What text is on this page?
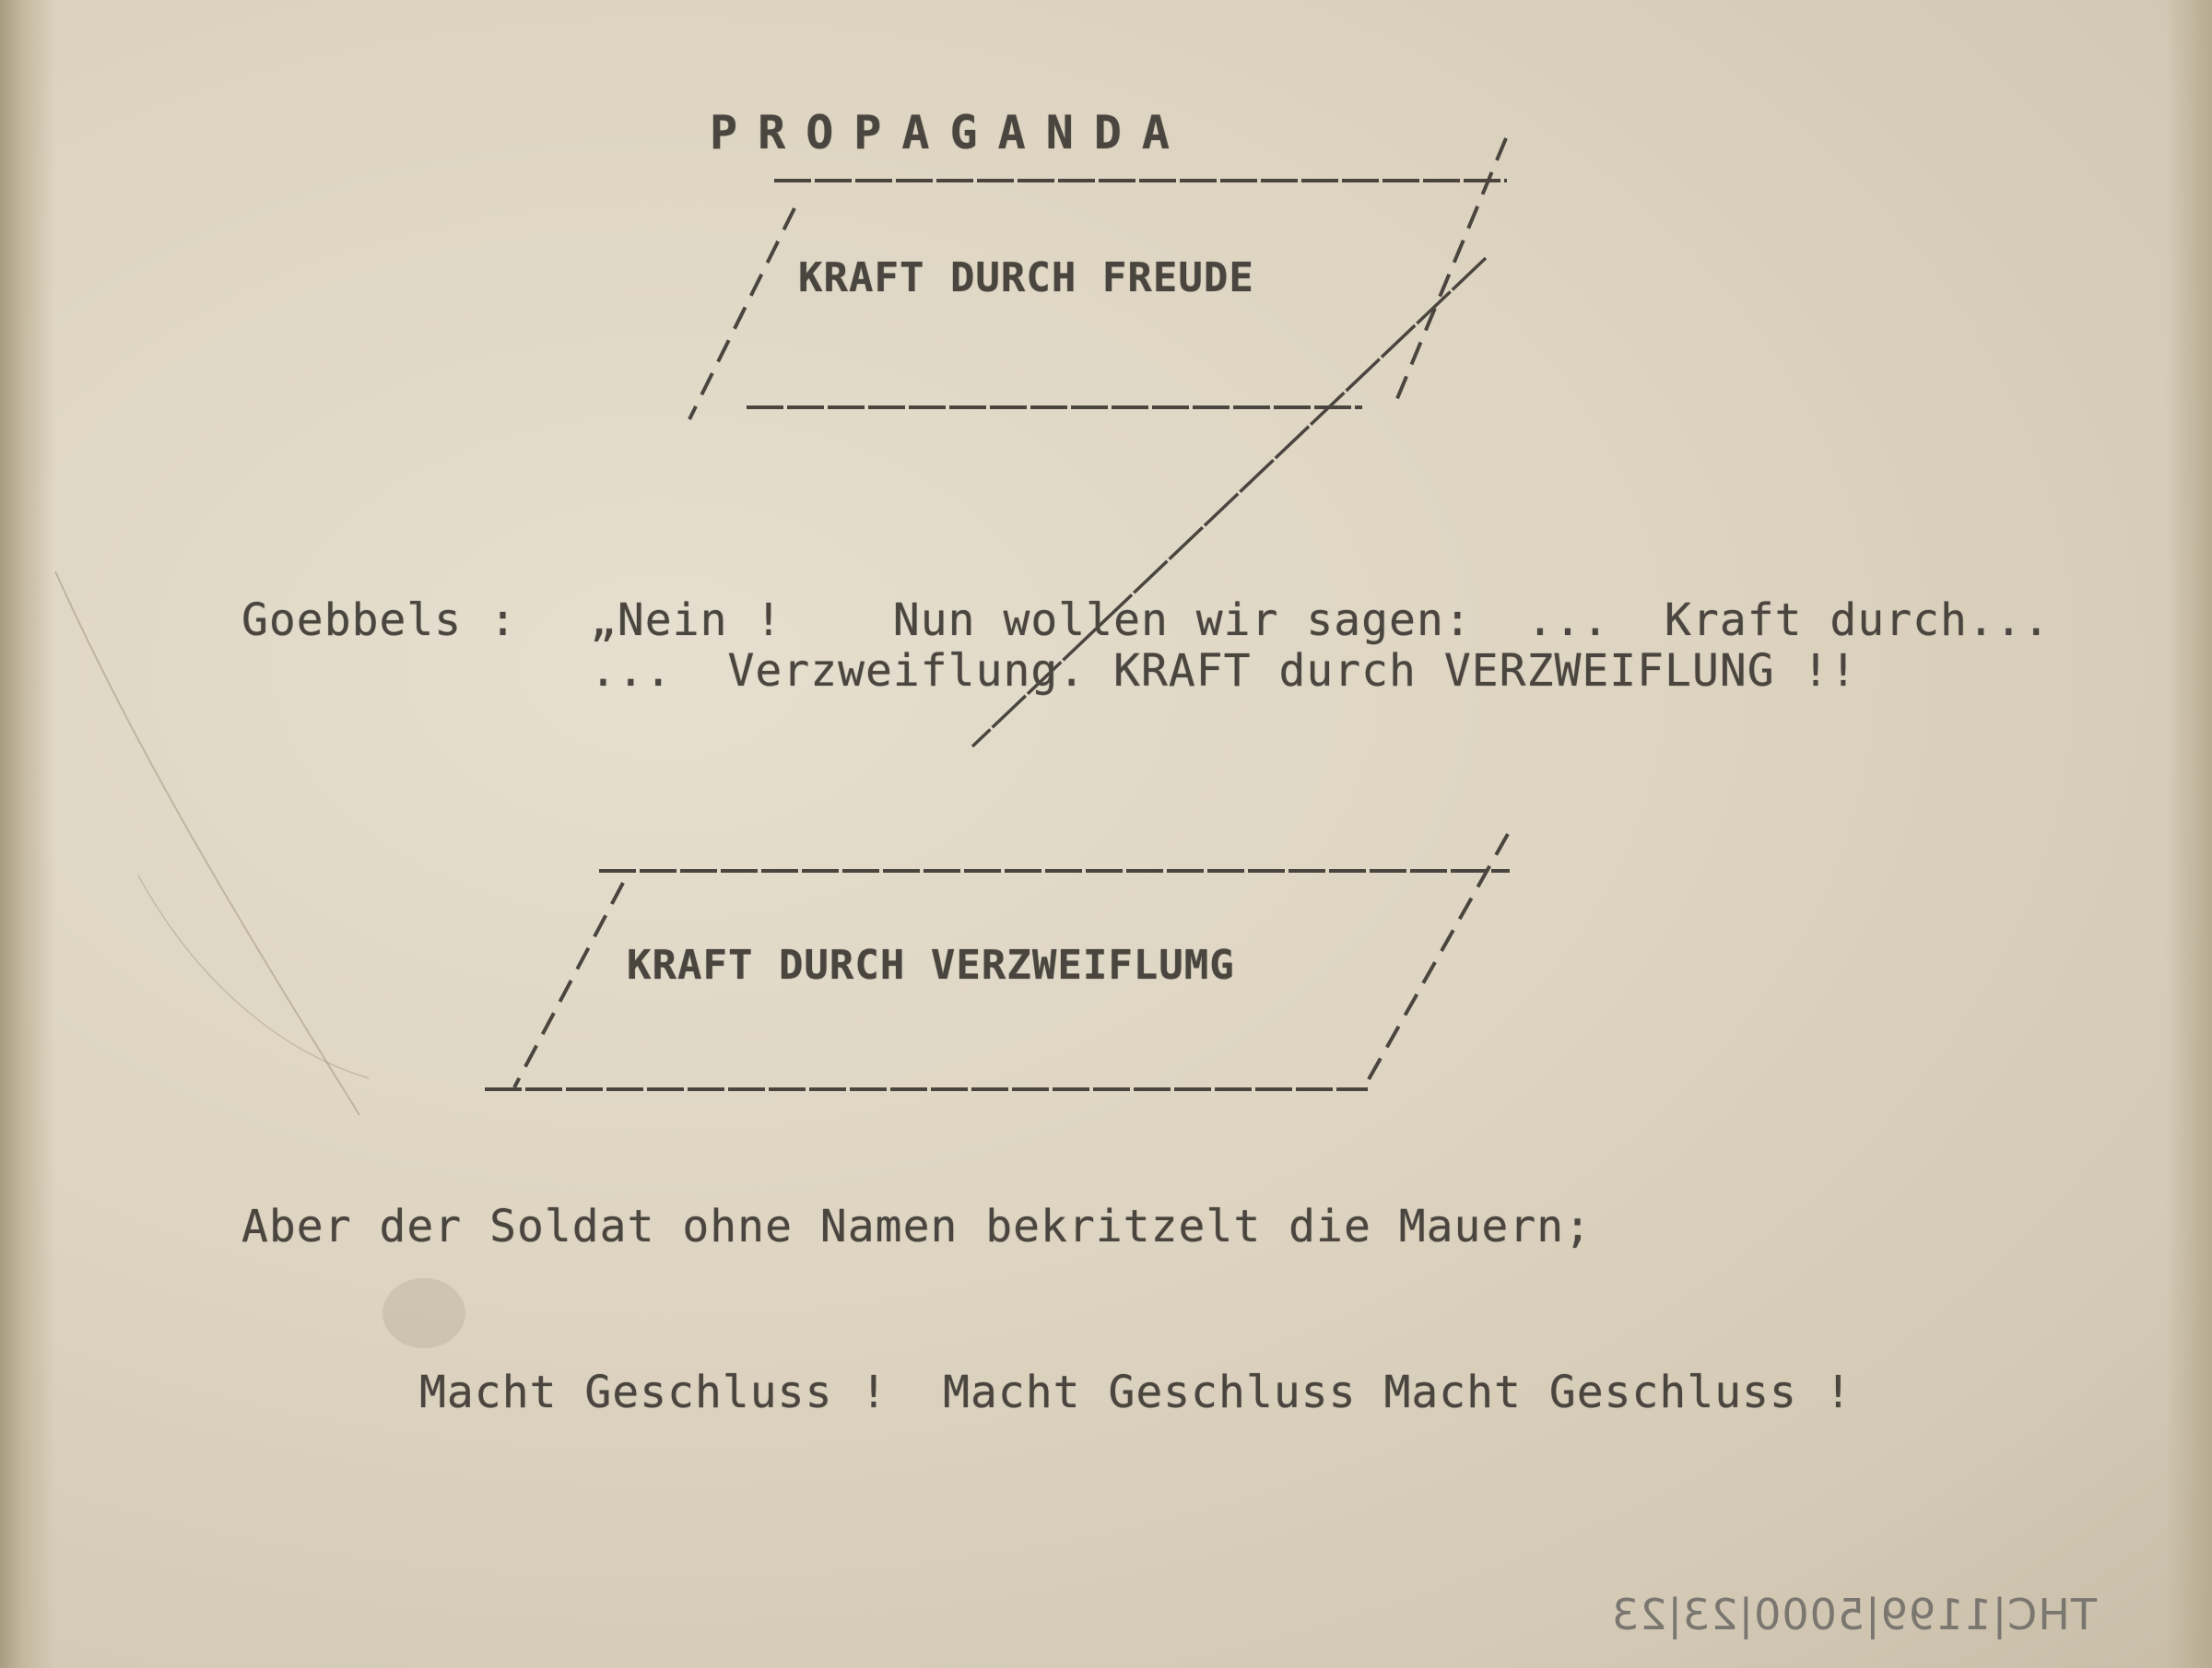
PROPAGANDA
KRAFT DURCH FREUDE
Goebbels : „Nein !    Nun wollen wir sagen:  ...  Kraft durch...
...  Verzweiflung. KRAFT durch VERZWEIFLUNG !!
KRAFT DURCH VERZWEIFLUMG
Aber der Soldat ohne Namen bekritzelt die Mauern;
Macht Geschluss !  Macht Geschluss Macht Geschluss !
THC|1199|5000|23|23
